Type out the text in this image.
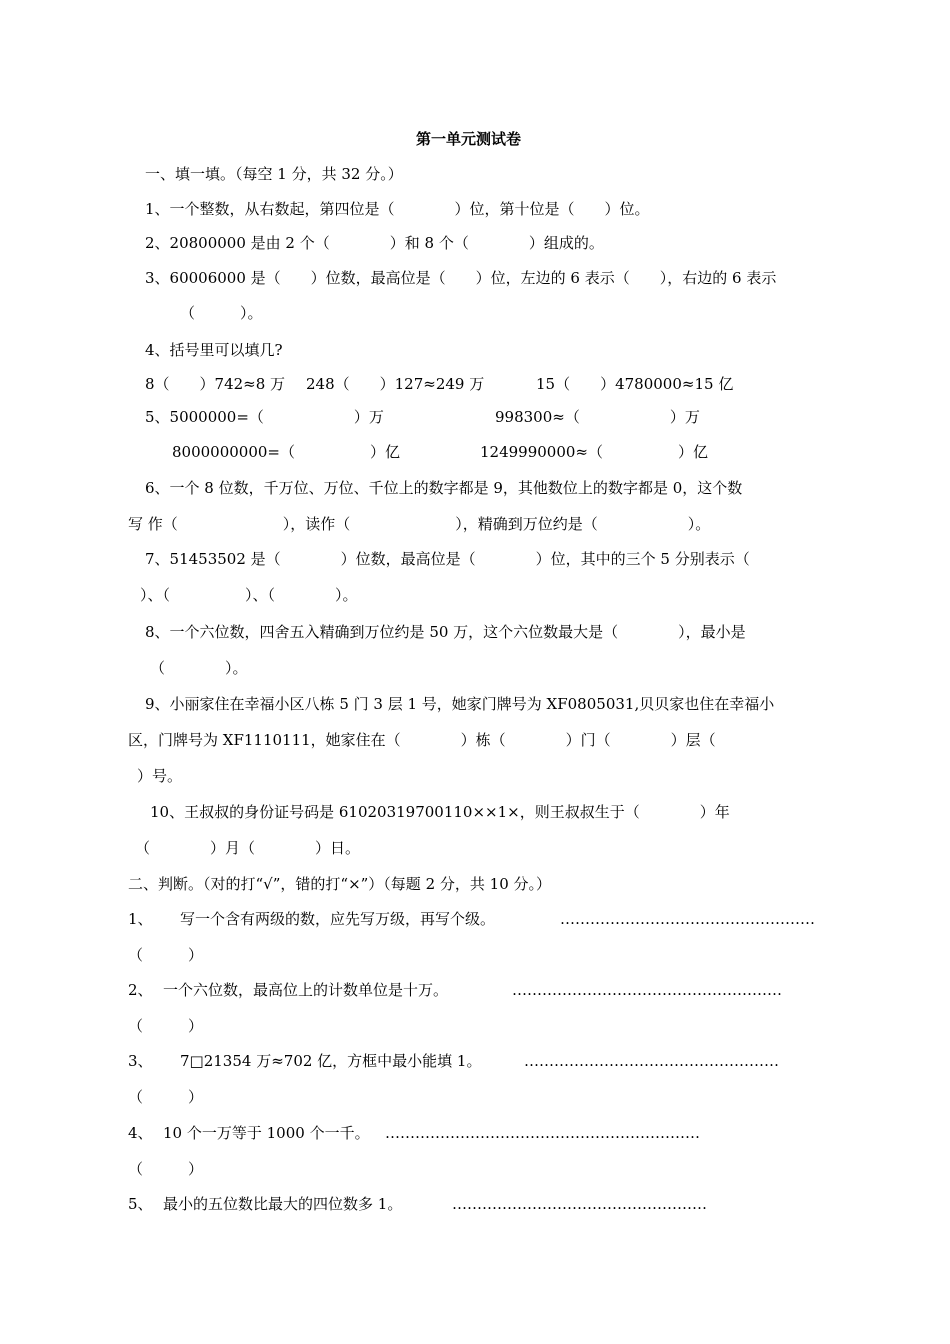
第一单元测试卷

一、填一填。（每空 1 分，共 32 分。）

1、一个整数，从右数起，第四位是（　　　　）位，第十位是（　　）位。

2、20800000 是由 2 个（　　　　）和 8 个（　　　　）组成的。

3、60006000 是（　　）位数，最高位是（　　）位，左边的 6 表示（　　），右边的 6 表示

（　　　）。

4、括号里可以填几?

8（　　）742≈8 万

248（　　）127≈249 万

	15（　　）4780000≈15 亿

5、5000000=（　　　　　　）万

	998300≈（　　　　　　）万

8000000000=（　　　　　）亿

	1249990000≈（　　　　　）亿

6、一个 8 位数，千万位、万位、千位上的数字都是 9，其他数位上的数字都是 0，这个数

写 作（　　　　　　　），读作（　　　　　　　），精确到万位约是（　　　　　　）。

7、51453502 是（　　　　）位数，最高位是（　　　　）位，其中的三个 5 分别表示（

）、（　　　　　）、（　　　　）。

8、一个六位数，四舍五入精确到万位约是 50 万，这个六位数最大是（　　　　），最小是

（　　　　）。

9、小丽家住在幸福小区八栋 5 门 3 层 1 号，她家门牌号为 XF0805031,贝贝家也住在幸福小

区，门牌号为 XF1110111，她家住在（　　　　）栋（　　　　）门（　　　　）层（

）号。

10、王叔叔的身份证号码是 61020319700110××1×，则王叔叔生于（　　　　）年

（　　　　）月（　　　　）日。

二、判断。（对的打“√”，错的打“×”）（每题 2 分，共 10 分。）

1、

写一个含有两级的数，应先写万级，再写个级。

	……………………………………………

（　　　）

2、

一个六位数，最高位上的计数单位是十万。

	………………………………………………

（　　　）

3、

7□21354 万≈702 亿，方框中最小能填 1。

	……………………………………………

（　　　）

4、

10 个一万等于 1000 个一千。

………………………………………………………

（　　　）

5、

最小的五位数比最大的四位数多 1。

	……………………………………………
